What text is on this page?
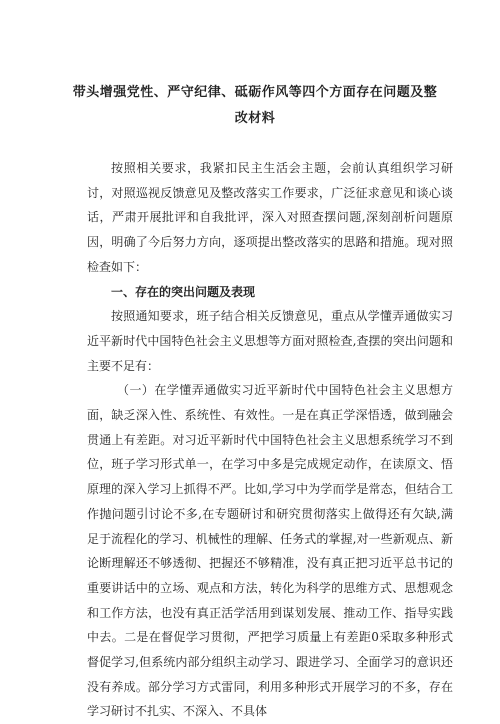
带头增强党性、严守纪律、砥砺作风等四个方面存在问题及整改材料

按照相关要求，我紧扣民主生活会主题，会前认真组织学习研讨，对照巡视反馈意见及整改落实工作要求，广泛征求意见和谈心谈话，严肃开展批评和自我批评，深入对照查摆问题,深刻剖析问题原因，明确了今后努力方向，逐项提出整改落实的思路和措施。现对照检查如下：

一、存在的突出问题及表现

按照通知要求，班子结合相关反馈意见，重点从学懂弄通做实习近平新时代中国特色社会主义思想等方面对照检查,查摆的突出问题和主要不足有：

（一）在学懂弄通做实习近平新时代中国特色社会主义思想方面，缺乏深入性、系统性、有效性。一是在真正学深悟透，做到融会贯通上有差距。对习近平新时代中国特色社会主义思想系统学习不到位，班子学习形式单一，在学习中多是完成规定动作，在读原文、悟原理的深入学习上抓得不严。比如,学习中为学而学是常态，但结合工作抛问题引讨论不多,在专题研讨和研究贯彻落实上做得还有欠缺,满足于流程化的学习、机械性的理解、任务式的掌握,对一些新观点、新论断理解还不够透彻、把握还不够精准，没有真正把习近平总书记的重要讲话中的立场、观点和方法，转化为科学的思维方式、思想观念和工作方法，也没有真正活学活用到谋划发展、推动工作、指导实践中去。二是在督促学习贯彻，严把学习质量上有差距0采取多种形式督促学习,但系统内部分组织主动学习、跟进学习、全面学习的意识还没有养成。部分学习方式雷同，利用多种形式开展学习的不多，存在学习研讨不扎实、不深入、不具体
